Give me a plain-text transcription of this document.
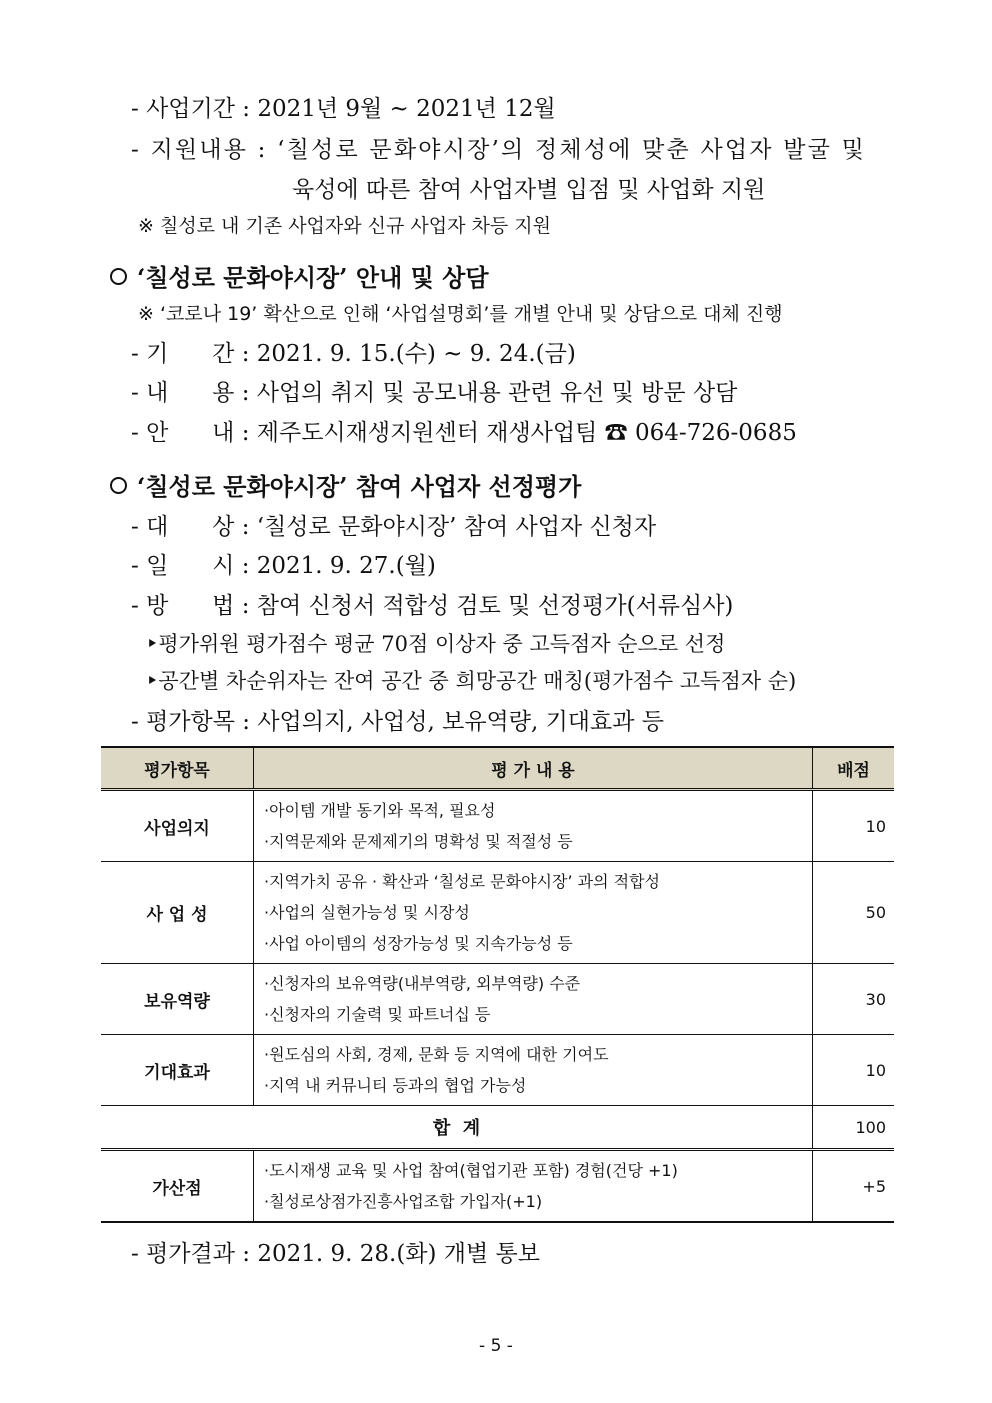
- 사업기간 : 2021년 9월 ~ 2021년 12월
- 지원내용 : ‘칠성로 문화야시장’의 정체성에 맞춘 사업자 발굴 및
육성에 따른 참여 사업자별 입점 및 사업화 지원
※ 칠성로 내 기존 사업자와 신규 사업자 차등 지원
‘칠성로 문화야시장’ 안내 및 상담
※ ‘코로나 19’ 확산으로 인해 ‘사업설명회’를 개별 안내 및 상담으로 대체 진행
- 기      간 : 2021. 9. 15.(수) ~ 9. 24.(금)
- 내      용 : 사업의 취지 및 공모내용 관련 유선 및 방문 상담
- 안      내 : 제주도시재생지원센터 재생사업팀 ☎ 064-726-0685
‘칠성로 문화야시장’ 참여 사업자 선정평가
- 대      상 : ‘칠성로 문화야시장’ 참여 사업자 신청자
- 일      시 : 2021. 9. 27.(월)
- 방      법 : 참여 신청서 적합성 검토 및 선정평가(서류심사)
‣평가위원 평가점수 평균 70점 이상자 중 고득점자 순으로 선정
‣공간별 차순위자는 잔여 공간 중 희망공간 매칭(평가점수 고득점자 순)
- 평가항목 : 사업의지, 사업성, 보유역량, 기대효과 등
평가항목	평 가 내 용	배점
사업의지	·아이템 개발 동기와 목적, 필요성
·지역문제와 문제제기의 명확성 및 적절성 등	10
사 업 성	·지역가치 공유 · 확산과 ‘칠성로 문화야시장’ 과의 적합성
·사업의 실현가능성 및 시장성
·사업 아이템의 성장가능성 및 지속가능성 등	50
보유역량	·신청자의 보유역량(내부역량, 외부역량) 수준
·신청자의 기술력 및 파트너십 등	30
기대효과	·원도심의 사회, 경제, 문화 등 지역에 대한 기여도
·지역 내 커뮤니티 등과의 협업 가능성	10
합  계		100
가산점	·도시재생 교육 및 사업 참여(협업기관 포함) 경험(건당 +1)
·칠성로상점가진흥사업조합 가입자(+1)	+5
- 평가결과 : 2021. 9. 28.(화) 개별 통보
- 5 -
